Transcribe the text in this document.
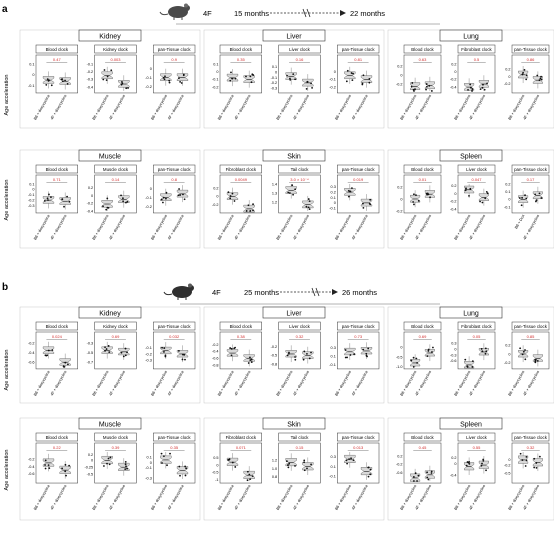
a
b
4F	15 months	22 months
4F	25 months	26 months
Age acceleration
Age acceleration
Age acceleration
Age acceleration
Kidney
Blood clock
0.47
0.1
0
-0.1
B6 + doxycycline 4F + doxycycline
Kidney clock
0.003
-0.1
-0.2
-0.3
-0.4
B6 + doxycycline 4F + doxycycline
pan-Tissue clock
0.9
0
-0.1
-0.2
B6 + doxycycline 4F + doxycycline
Liver
Blood clock
0.35
0.1
0
-0.1
-0.2
B6 + doxycycline 4F + doxycycline
Liver clock
0.16
0.1
0
-0.1
-0.2
-0.3
B6 + doxycycline 4F + doxycycline
pan-Tissue clock
0.81
0
-0.1
-0.2
B6 + doxycycline 4F + doxycycline
Lung
Blood clock
0.63
0.2
0
-0.2
B6 + doxycycline
4F + doxycycline
Fibroblast clock
0.5
0.2
0
-0.2
-0.4
B6 + doxycycline
4F + doxycycline
pan-Tissue clock
0.86
0.2
0
-0.2
B6 + doxycycline
4F + doxycycline
Muscle
Blood clock
0.71
0.1
0
-0.1
-0.2
-0.3
B6 + doxycycline 4F + doxycycline
Muscle clock
0.14
0.2
0
-0.2
-0.4
B6 + doxycycline 4F + doxycycline
pan-Tissue clock
0.8
0
-0.1
-0.2
B6 + doxycycline 4F + doxycycline
Skin
Fibroblast clock
0.0049
0.2
0
-0.2
B6 + doxycycline 4F + doxycycline
Tail clock
3.0 × 10⁻⁴
1.4
1.3
1.2
B6 + doxycycline 4F + doxycycline
pan-Tissue clock
0.019
0.3
0.2
0.1
0
-0.1
B6 + doxycycline 4F + doxycycline
Spleen
Blood clock
0.01
0.2
0
-0.2
B6 + doxycycline
4F + doxycycline
Liver clock
0.047
0.2
0
-0.2
-0.4
B6 + doxycycline
4F + doxycycline
pan-Tissue clock
0.17
0.2
0.1
0
-0.1
B6 + Dox
4F + doxycycline
Kidney
Blood clock
0.024
-0.2
-0.4
-0.6
B6 + doxycycline 4F + doxycycline
Kidney clock
0.69
-0.3
-0.5
-0.7
B6 + doxycycline 4F + doxycycline
pan-Tissue clock
0.032
-0.1
-0.2
-0.3
B6 + doxycycline 4F + doxycycline
Liver
Blood clock
0.38
-0.2
-0.4
-0.6
-0.8
B6 + doxycycline 4F + doxycycline
Liver clock
0.32
-0.2
-0.5
-0.8
B6 + doxycycline 4F + doxycycline
pan-Tissue clock
0.73
0.3
0.1
-0.1
B6 + doxycycline 4F + doxycycline
Lung
Blood clock
0.69
0
-0.5
-1.0
B6 + doxycycline
4F + doxycycline
Fibroblast clock
0.05
0.3
0
-0.3
-0.6
B6 + doxycycline
4F + doxycycline
pan-Tissue clock
0.85
0.2
0
-0.2
B6 + doxycycline
4F + doxycycline
Muscle
Blood clock
0.22
-0.2
-0.4
-0.6
B6 + doxycycline 4F + doxycycline
Muscle clock
0.39
0.2
0
-0.25
-0.5
B6 + doxycycline 4F + doxycycline
pan-Tissue clock
0.35
0.1
0
-0.1
-0.3
B6 + doxycycline 4F + doxycycline
Skin
Fibroblast clock
0.071
0.5
0
-0.5
-1
B6 + doxycycline 4F + doxycycline
Tail clock
0.15
1.2
1.0
0.8
B6 + doxycycline 4F + doxycycline
pan-Tissue clock
0.013
0.3
0.1
-0.1
B6 + doxycycline 4F + doxycycline
Spleen
Blood clock
0.45
0.2
-0.2
-0.6
B6 + doxycycline
4F + doxycycline
Liver clock
0.55
0.2
0
-0.4
B6 + doxycycline
4F + doxycycline
pan-Tissue clock
0.32
0
-0.2
-0.5
B6 + doxycycline
4F + doxycycline
